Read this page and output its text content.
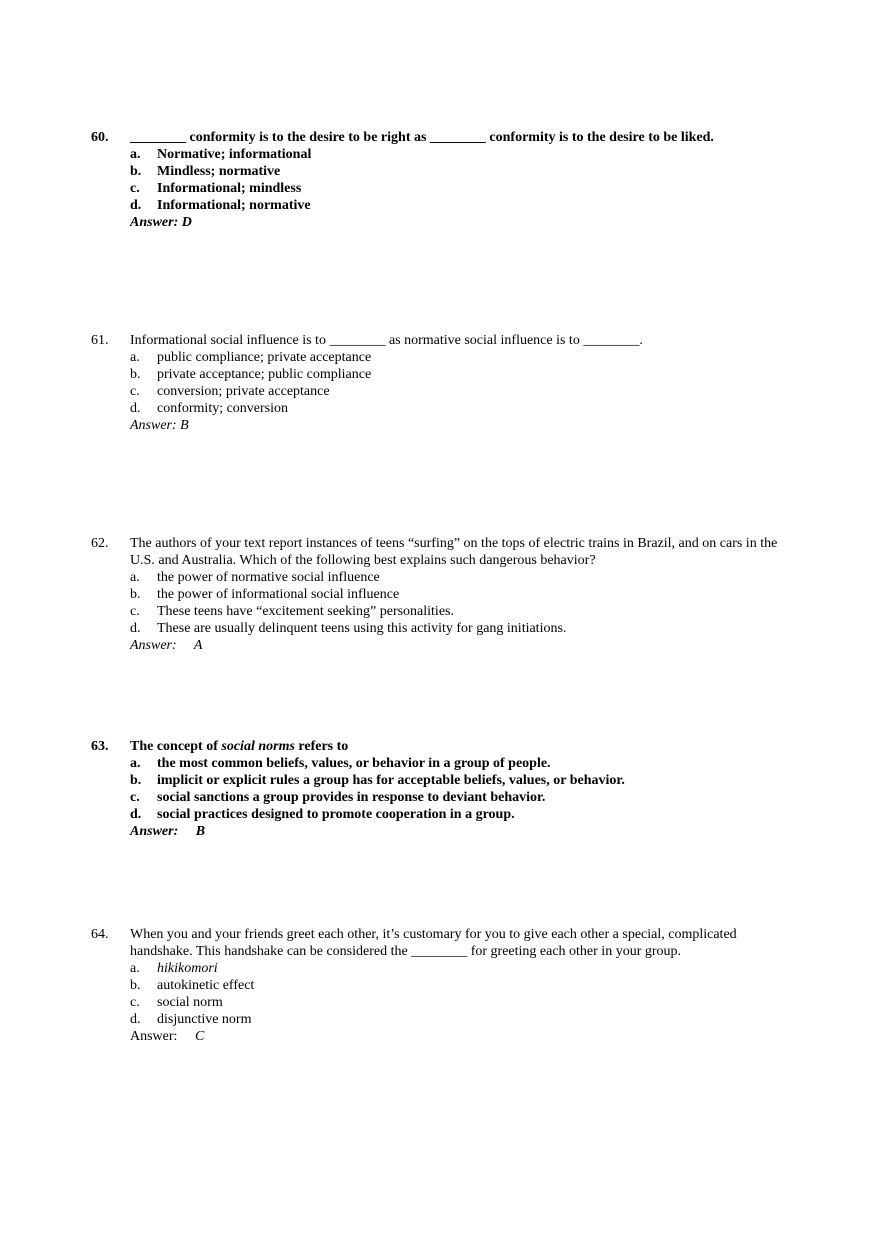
60. ________ conformity is to the desire to be right as ________ conformity is to the desire to be liked.
a. Normative; informational
b. Mindless; normative
c. Informational; mindless
d. Informational; normative
Answer: D
61. Informational social influence is to ________ as normative social influence is to ________.
a. public compliance; private acceptance
b. private acceptance; public compliance
c. conversion; private acceptance
d. conformity; conversion
Answer: B
62. The authors of your text report instances of teens “surfing” on the tops of electric trains in Brazil, and on cars in the U.S. and Australia. Which of the following best explains such dangerous behavior?
a. the power of normative social influence
b. the power of informational social influence
c. These teens have “excitement seeking” personalities.
d. These are usually delinquent teens using this activity for gang initiations.
Answer: A
63. The concept of social norms refers to
a. the most common beliefs, values, or behavior in a group of people.
b. implicit or explicit rules a group has for acceptable beliefs, values, or behavior.
c. social sanctions a group provides in response to deviant behavior.
d. social practices designed to promote cooperation in a group.
Answer: B
64. When you and your friends greet each other, it’s customary for you to give each other a special, complicated handshake. This handshake can be considered the ________ for greeting each other in your group.
a. hikikomori
b. autokinetic effect
c. social norm
d. disjunctive norm
Answer: C
